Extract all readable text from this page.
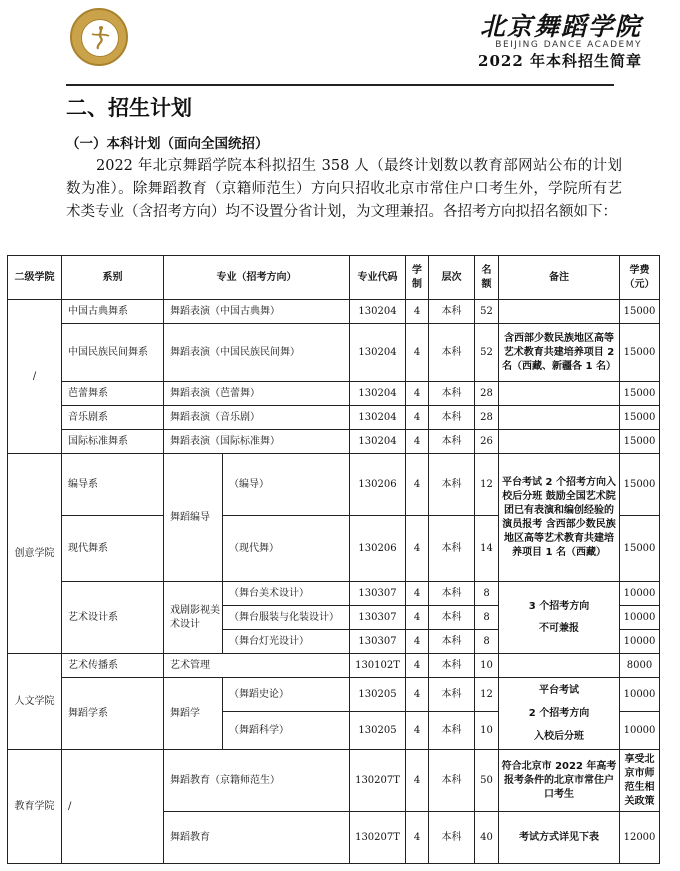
北京舞蹈学院
BEIJING DANCE ACADEMY
2022 年本科招生简章
二、招生计划
（一）本科计划（面向全国统招）
2022 年北京舞蹈学院本科拟招生 358 人（最终计划数以教育部网站公布的计划数为准）。除舞蹈教育（京籍师范生）方向只招收北京市常住户口考生外，学院所有艺术类专业（含招考方向）均不设置分省计划，为文理兼招。各招考方向拟招名额如下：
二级学院	系别	专业（招考方向）		专业代码	学制	层次	名额	备注	学费（元）
/	中国古典舞系	舞蹈表演（中国古典舞）		130204	4	本科	52		15000
	中国民族民间舞系	舞蹈表演（中国民族民间舞）		130204	4	本科	52	含西部少数民族地区高等艺术教育共建培养项目 2 名（西藏、新疆各 1 名）	15000
	芭蕾舞系	舞蹈表演（芭蕾舞）		130204	4	本科	28		15000
	音乐剧系	舞蹈表演（音乐剧）		130204	4	本科	28		15000
	国际标准舞系	舞蹈表演（国际标准舞）		130204	4	本科	26		15000
创意学院	编导系	舞蹈编导	（编导）	130206	4	本科	12	平台考试 2 个招考方向入校后分班 鼓励全国艺术院团已有表演和编创经验的演员报考 含西部少数民族地区高等艺术教育共建培养项目 1 名（西藏）	15000
	现代舞系		（现代舞）	130206	4	本科	14		15000
	艺术设计系	戏剧影视美术设计	（舞台美术设计）	130307	4	本科	8	3 个招考方向
不可兼报	10000
			（舞台服装与化装设计）	130307	4	本科	8		10000
			（舞台灯光设计）	130307	4	本科	8		10000
人文学院	艺术传播系	艺术管理		130102T	4	本科	10		8000
	舞蹈学系	舞蹈学	（舞蹈史论）	130205	4	本科	12	平台考试
2 个招考方向
入校后分班	10000
			（舞蹈科学）	130205	4	本科	10		10000
教育学院	/	舞蹈教育（京籍师范生）		130207T	4	本科	50	符合北京市 2022 年高考报考条件的北京市常住户口考生	享受北京市师范生相关政策
		舞蹈教育		130207T	4	本科	40	考试方式详见下表	12000
